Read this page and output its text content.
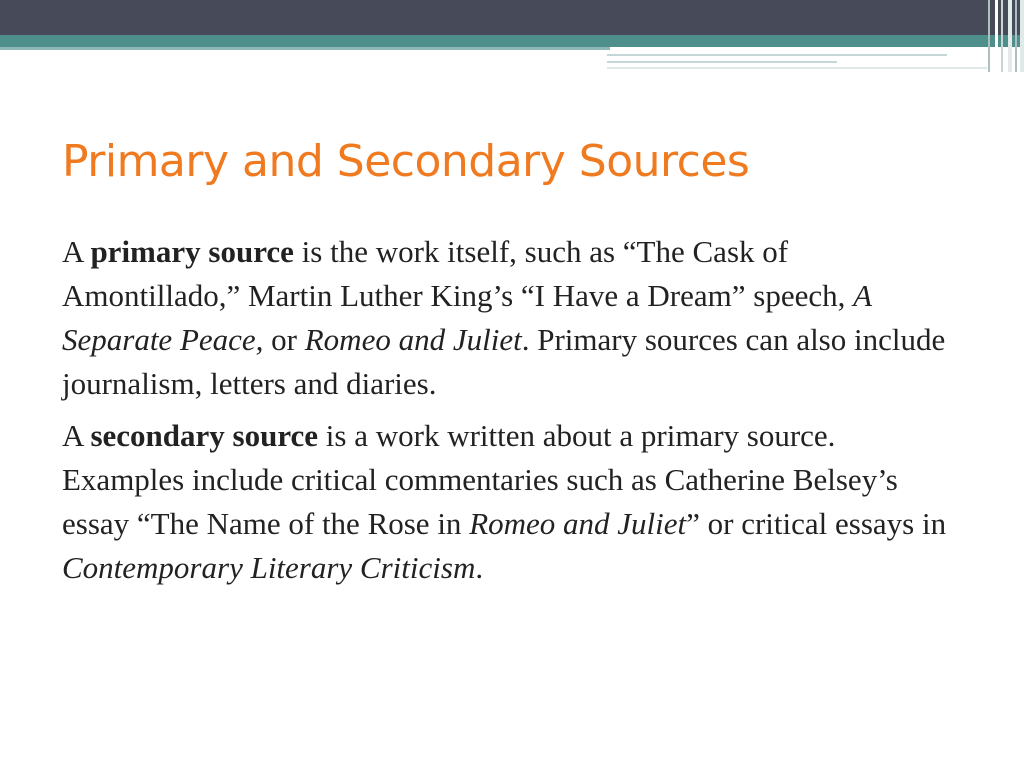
Primary and Secondary Sources

A primary source is the work itself, such as “The Cask of Amontillado,” Martin Luther King’s “I Have a Dream” speech, A Separate Peace, or Romeo and Juliet. Primary sources can also include journalism, letters and diaries.

A secondary source is a work written about a primary source. Examples include critical commentaries such as Catherine Belsey’s essay “The Name of the Rose in Romeo and Juliet” or critical essays in Contemporary Literary Criticism.
